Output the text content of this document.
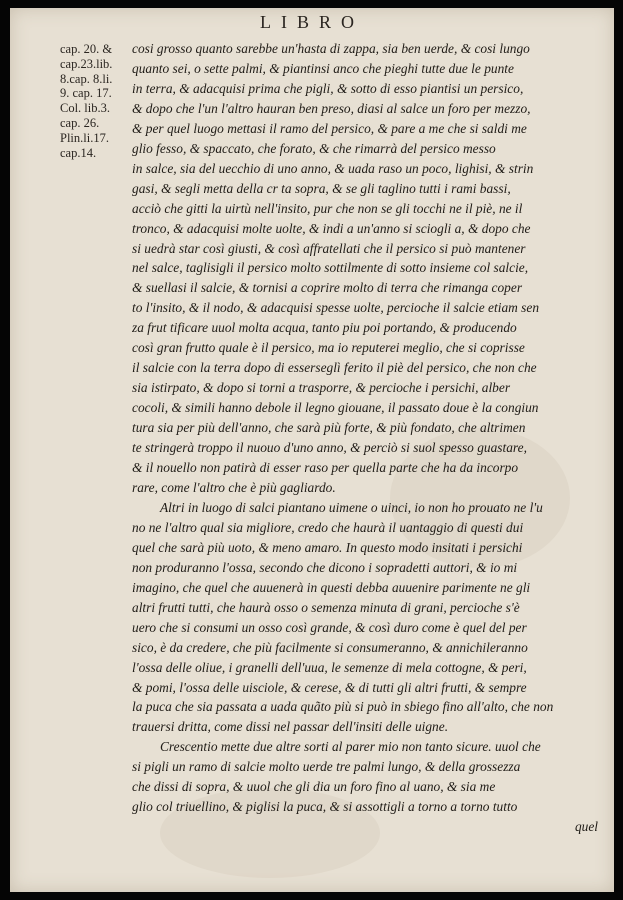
LIBRO
cap. 20. &
cap.23.lib.
8.cap. 8.li.
9. cap. 17.
Col. lib.3.
cap. 26.
Plin.li.17.
cap.14.
cosi grosso quanto sarebbe un'hasta di zappa, sia ben uerde, & cosi lungo
quanto sei, o sette palmi, & piantinsi anco che pieghi tutte due le punte
in terra, & adacquisi prima che pigli, & sotto di esso piantisi un persico,
& dopo che l'un l'altro hauran ben preso, diasi al salce un foro per mezzo,
& per quel luogo mettasi il ramo del persico, & pare a me che si saldi me
glio fesso, & spaccato, che forato, & che rimarrà del persico messo
in salce, sia del uecchio di uno anno, & uada raso un poco, lighisi, & strin
gasi, & segli metta della cr ta sopra, & se gli taglino tutti i rami bassi,
acciò che gitti la uirtù nell'insito, pur che non se gli tocchi ne il piè, ne il
tronco, & adacquisi molte uolte, & indi a un'anno si sciogli a, & dopo che
si uedrà star così giusti, & così affratellati che il persico si può mantener
nel salce, taglisigli il persico molto sottilmente di sotto insieme col salcie,
& suellasi il salcie, & tornisi a coprire molto di terra che rimanga coper
to l'insito, & il nodo, & adacquisi spesse uolte, percioche il salcie etiam sen
za frut tificare uuol molta acqua, tanto piu poi portando, & producendo
così gran frutto quale è il persico, ma io reputerei meglio, che si coprisse
il salcie con la terra dopo di esserseglì ferito il piè del persico, che non che
sia istirpato, & dopo si torni a trasporre, & percioche i persichi, alber
cocoli, & simili hanno debole il legno giouane, il passato doue è la congiun
tura sia per più dell'anno, che sarà più forte, & più fondato, che altrimen
te stringerà troppo il nuouo d'uno anno, & perciò si suol spesso guastare,
& il nouello non patirà di esser raso per quella parte che ha da incorpo
rare, come l'altro che è più gagliardo.
Altri in luogo di salci piantano uimene o uinci, io non ho prouato ne l'u
no ne l'altro qual sia migliore, credo che haurà il uantaggio di questi dui
quel che sarà più uoto, & meno amaro. In questo modo insitati i persichi
non produranno l'ossa, secondo che dicono i sopradetti auttori, & io mi
imagino, che quel che auuenerà in questi debba auuenire parimente ne gli
altri frutti tutti, che haurà osso o semenza minuta di grani, percioche s'è
uero che si consumi un osso così grande, & così duro come è quel del per
sico, è da credere, che più facilmente si consumeranno, & annichileranno
l'ossa delle oliue, i granelli dell'uua, le semenze di mela cottogne, & peri,
& pomi, l'ossa delle uisciole, & cerese, & di tutti gli altri frutti, & sempre
la puca che sia passata a uada quãto più si può in sbiego fino all'alto, che non
trauersi dritta, come dissi nel passar dell'insiti delle uigne.
Crescentio mette due altre sorti al parer mio non tanto sicure. uuol che
si pigli un ramo di salcie molto uerde tre palmi lungo, & della grossezza
che dissi di sopra, & uuol che gli dia un foro fino al uano, & sia me
glio col triuellino, & piglisi la puca, & si assottigli a torno a torno tutto
quel
